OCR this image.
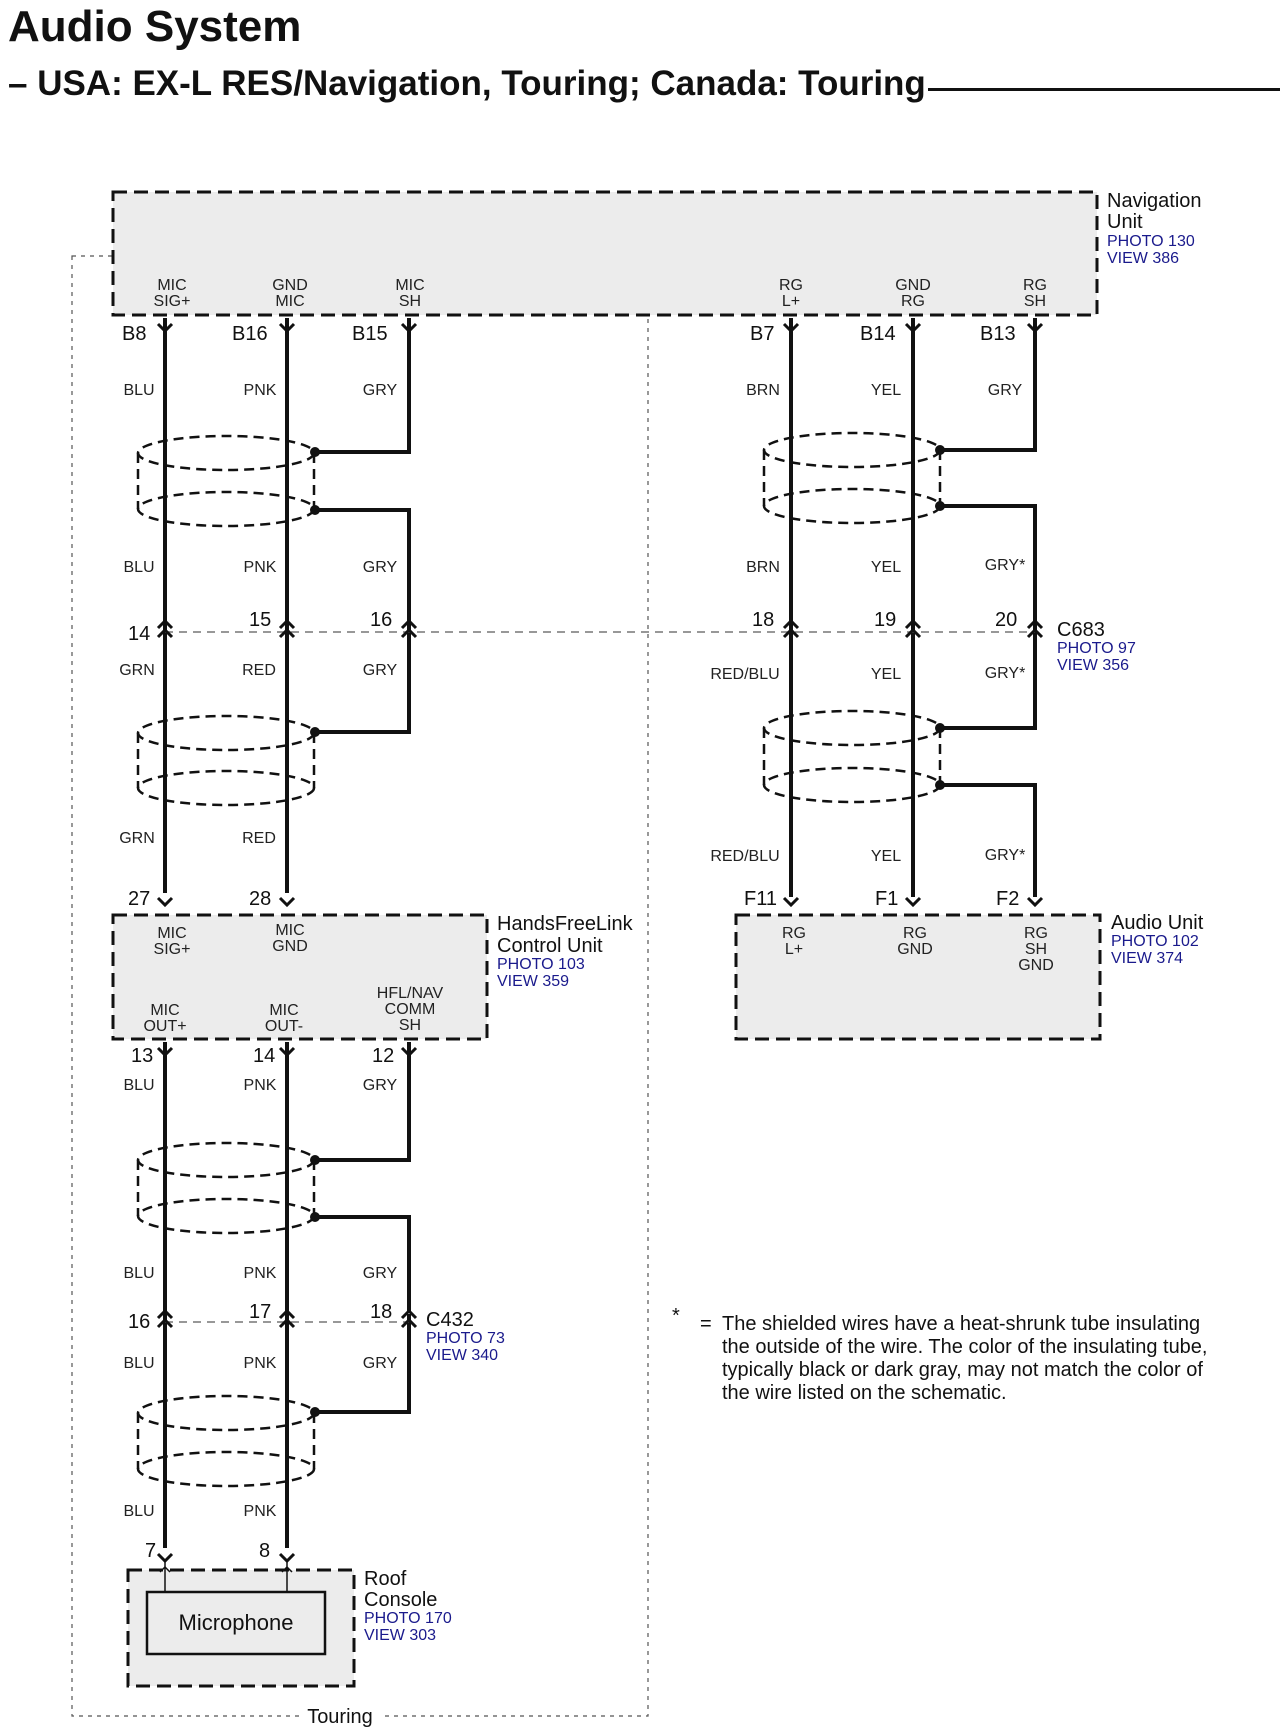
Audio System
– USA: EX-L RES/Navigation, Touring; Canada: Touring
Touring
Microphone
Navigation
Unit
PHOTO 130
VIEW 386
MIC
SIG+
GND
MIC
MIC
SH
RG
L+
GND
RG
RG
SH
B8	B16	B15	B7	B14	B13
BLU	PNK	GRY	BRN	YEL	GRY
BLU	PNK	GRY	BRN	YEL	GRY*
GRN	RED	GRY	RED/BLU	YEL	GRY*
GRN	RED
RED/BLU	YEL	GRY*
BLU	PNK	GRY
BLU	PNK	GRY
BLU	PNK	GRY
BLU	PNK
14
15	16	18	19	20 C683
PHOTO 97
VIEW 356
27	28
MIC
SIG+
MIC
GND
MIC
OUT+
MIC
OUT-
HFL/NAV
COMM
SH
13	14	12
HandsFreeLink
Control Unit
PHOTO 103
VIEW 359
F11	F1	F2
RG
L+
RG
GND
RG
SH
GND
Audio Unit
PHOTO 102
VIEW 374
16	17	18 C432
PHOTO 73
VIEW 340
7	8
Roof
Console
PHOTO 170
VIEW 303
* = The shielded wires have a heat-shrunk tube insulating
the outside of the wire. The color of the insulating tube,
typically black or dark gray, may not match the color of
the wire listed on the schematic.
